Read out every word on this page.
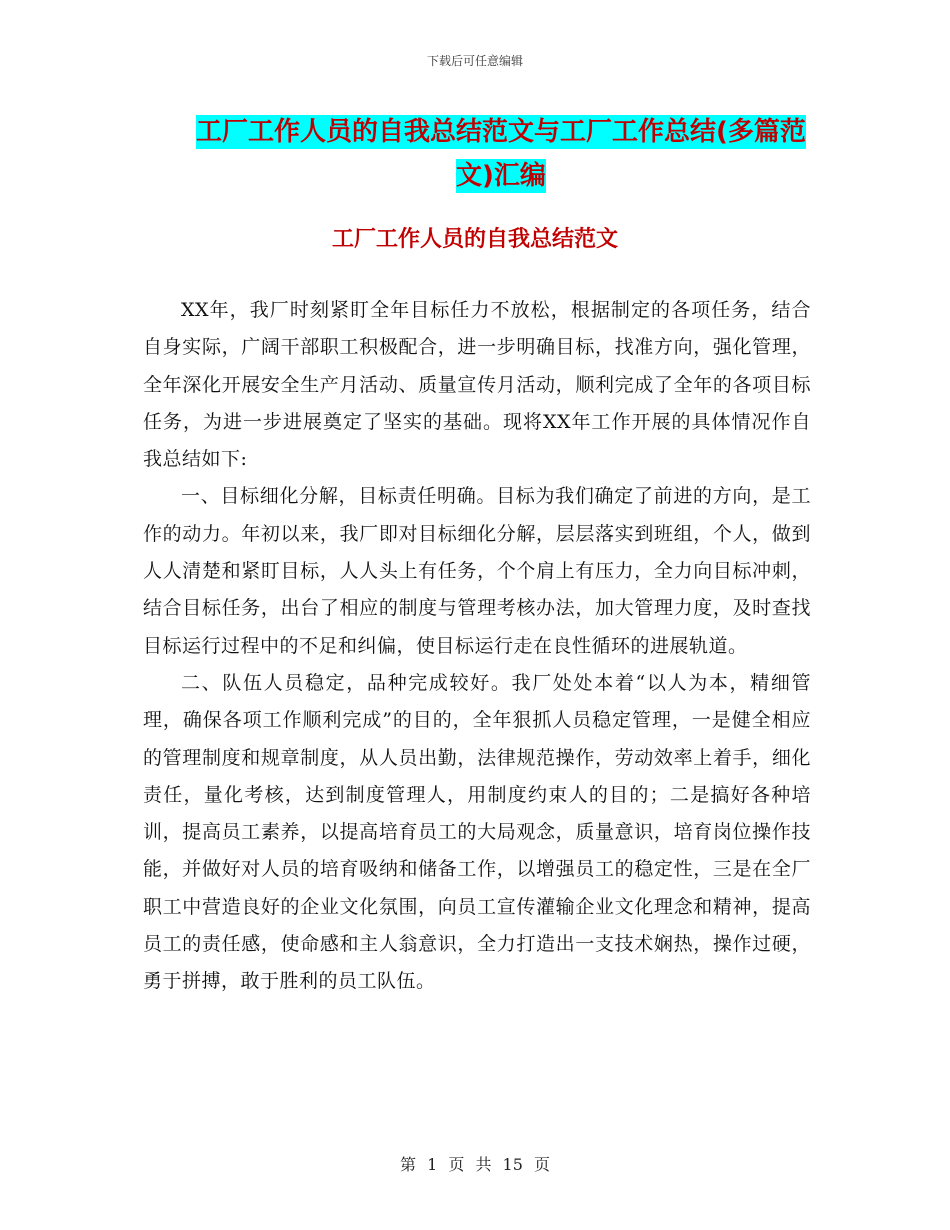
下载后可任意编辑
工厂工作人员的自我总结范文与工厂工作总结(多篇范文)汇编
工厂工作人员的自我总结范文

XX年，我厂时刻紧盯全年目标任力不放松，根据制定的各项任务，结合自身实际，广阔干部职工积极配合，进一步明确目标，找准方向，强化管理，全年深化开展安全生产月活动、质量宣传月活动，顺利完成了全年的各项目标任务，为进一步进展奠定了坚实的基础。现将XX年工作开展的具体情况作自我总结如下:

一、目标细化分解，目标责任明确。目标为我们确定了前进的方向，是工作的动力。年初以来，我厂即对目标细化分解，层层落实到班组，个人，做到人人清楚和紧盯目标，人人头上有任务，个个肩上有压力，全力向目标冲刺，结合目标任务，出台了相应的制度与管理考核办法，加大管理力度，及时查找目标运行过程中的不足和纠偏，使目标运行走在良性循环的进展轨道。

二、队伍人员稳定，品种完成较好。我厂处处本着“以人为本，精细管理，确保各项工作顺利完成”的目的，全年狠抓人员稳定管理，一是健全相应的管理制度和规章制度，从人员出勤，法律规范操作，劳动效率上着手，细化责任，量化考核，达到制度管理人，用制度约束人的目的；二是搞好各种培训，提高员工素养，以提高培育员工的大局观念，质量意识，培育岗位操作技能，并做好对人员的培育吸纳和储备工作，以增强员工的稳定性，三是在全厂职工中营造良好的企业文化氛围，向员工宣传灌输企业文化理念和精神，提高员工的责任感，使命感和主人翁意识，全力打造出一支技术娴热，操作过硬，勇于拼搏，敢于胜利的员工队伍。

第 1 页 共 15 页
